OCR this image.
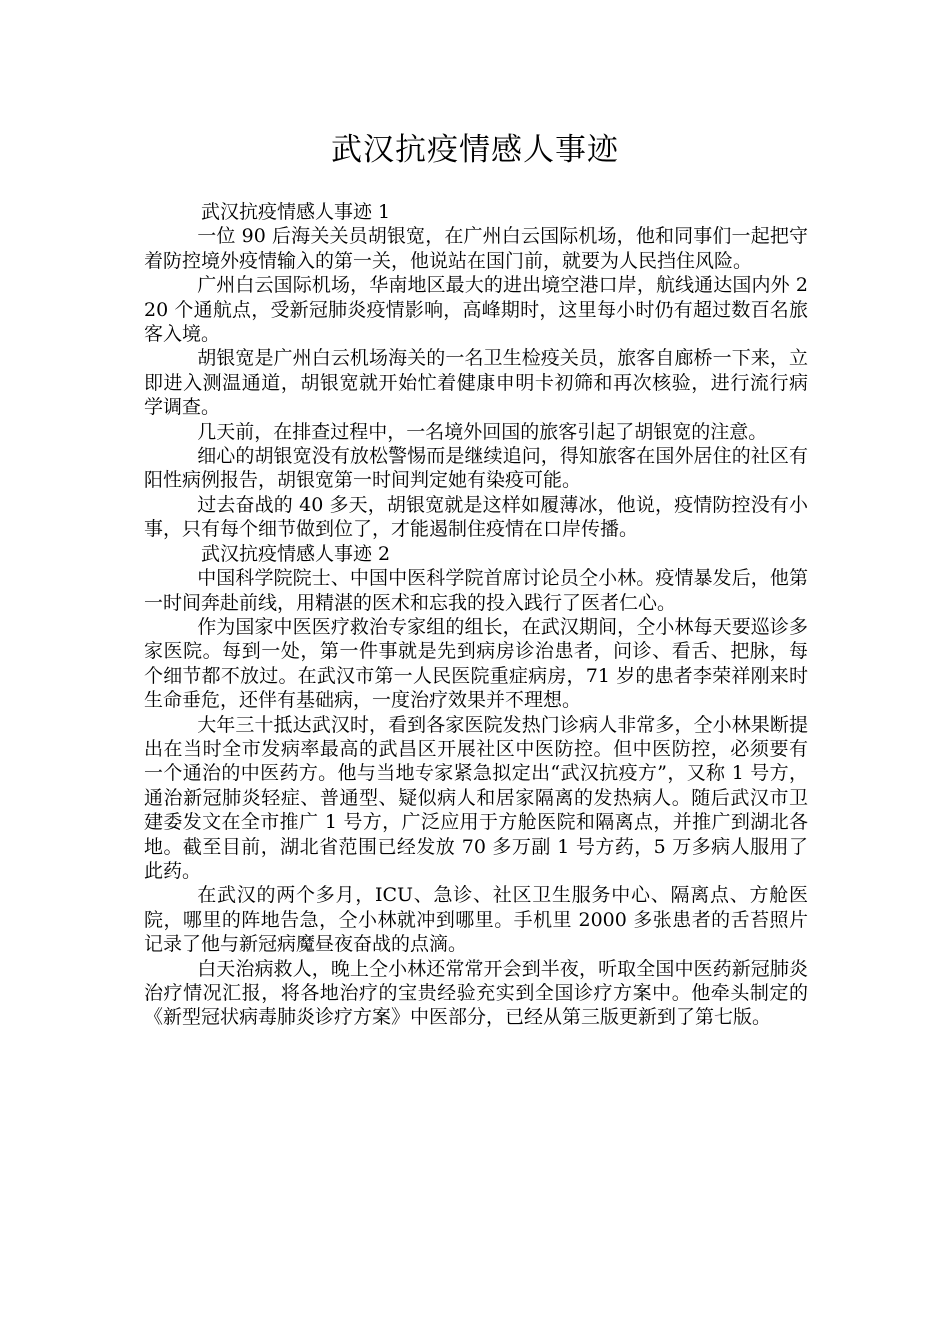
武汉抗疫情感人事迹

武汉抗疫情感人事迹 1

一位 90 后海关关员胡银宽，在广州白云国际机场，他和同事们一起把守着防控境外疫情输入的第一关，他说站在国门前，就要为人民挡住风险。

广州白云国际机场，华南地区最大的进出境空港口岸，航线通达国内外 220 个通航点，受新冠肺炎疫情影响，高峰期时，这里每小时仍有超过数百名旅客入境。

胡银宽是广州白云机场海关的一名卫生检疫关员，旅客自廊桥一下来，立即进入测温通道，胡银宽就开始忙着健康申明卡初筛和再次核验，进行流行病学调查。

几天前，在排查过程中，一名境外回国的旅客引起了胡银宽的注意。

细心的胡银宽没有放松警惕而是继续追问，得知旅客在国外居住的社区有阳性病例报告，胡银宽第一时间判定她有染疫可能。

过去奋战的 40 多天，胡银宽就是这样如履薄冰，他说，疫情防控没有小事，只有每个细节做到位了，才能遏制住疫情在口岸传播。

武汉抗疫情感人事迹 2

中国科学院院士、中国中医科学院首席讨论员仝小林。疫情暴发后，他第一时间奔赴前线，用精湛的医术和忘我的投入践行了医者仁心。

作为国家中医医疗救治专家组的组长，在武汉期间，仝小林每天要巡诊多家医院。每到一处，第一件事就是先到病房诊治患者，问诊、看舌、把脉，每个细节都不放过。在武汉市第一人民医院重症病房，71 岁的患者李荣祥刚来时生命垂危，还伴有基础病，一度治疗效果并不理想。

大年三十抵达武汉时，看到各家医院发热门诊病人非常多，仝小林果断提出在当时全市发病率最高的武昌区开展社区中医防控。但中医防控，必须要有一个通治的中医药方。他与当地专家紧急拟定出“武汉抗疫方”，又称 1 号方，通治新冠肺炎轻症、普通型、疑似病人和居家隔离的发热病人。随后武汉市卫建委发文在全市推广 1 号方，广泛应用于方舱医院和隔离点，并推广到湖北各地。截至目前，湖北省范围已经发放 70 多万副 1 号方药，5 万多病人服用了此药。

在武汉的两个多月，ICU、急诊、社区卫生服务中心、隔离点、方舱医院，哪里的阵地告急，仝小林就冲到哪里。手机里 2000 多张患者的舌苔照片记录了他与新冠病魔昼夜奋战的点滴。

白天治病救人，晚上仝小林还常常开会到半夜，听取全国中医药新冠肺炎治疗情况汇报，将各地治疗的宝贵经验充实到全国诊疗方案中。他牵头制定的《新型冠状病毒肺炎诊疗方案》中医部分，已经从第三版更新到了第七版。
